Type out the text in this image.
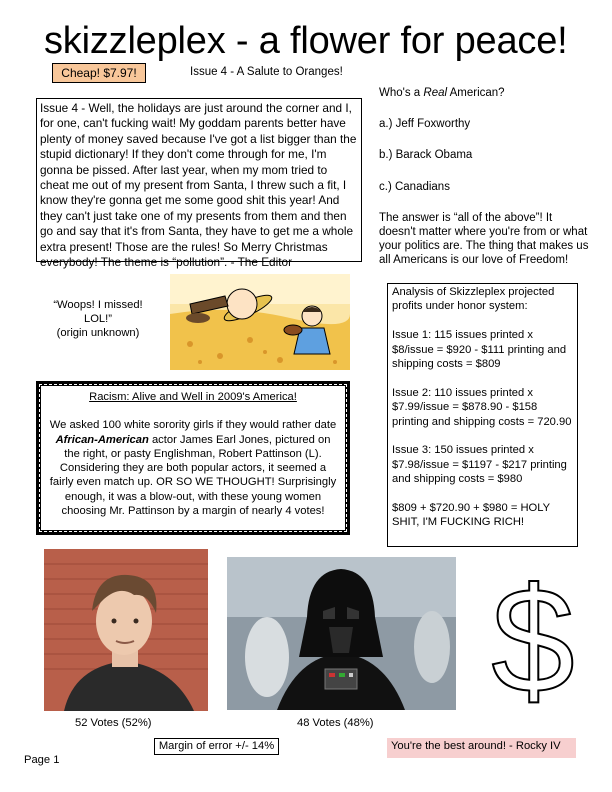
skizzleplex - a flower for peace!
Cheap! $7.97!	Issue 4 - A Salute to Oranges!
Issue 4 - Well, the holidays are just around the corner and I, for one, can't fucking wait! My goddam parents better have plenty of money saved because I've got a list bigger than the stupid dictionary! If they don't come through for me, I'm gonna be pissed. After last year, when my mom tried to cheat me out of my present from Santa, I threw such a fit, I know they're gonna get me some good shit this year! And they can't just take one of my presents from them and then go and say that it's from Santa, they have to get me a whole extra present! Those are the rules! So Merry Christmas everybody! The theme is “pollution”. - The Editor

Who's a Real American?

a.) Jeff Foxworthy

b.) Barack Obama

c.) Canadians

The answer is “all of the above”! It doesn't matter where you're from or what your politics are. The thing that makes us all Americans is our love of Freedom!

“Woops! I missed!
LOL!”
(origin unknown)

Analysis of Skizzleplex projected profits under honor system:

Issue 1: 115 issues printed x $8/issue = $920 - $111 printing and shipping costs = $809

Issue 2: 110 issues printed x $7.99/issue = $878.90 - $158 printing and shipping costs = 720.90

Issue 3: 150 issues printed x $7.98/issue = $1197 - $217 printing and shipping costs = $980

$809 + $720.90 + $980 = HOLY SHIT, I'M FUCKING RICH!

Racism: Alive and Well in 2009's America!
We asked 100 white sorority girls if they would rather date African-American actor James Earl Jones, pictured on the right, or pasty Englishman, Robert Pattinson (L). Considering they are both popular actors, it seemed a fairly even match up. OR SO WE THOUGHT! Surprisingly enough, it was a blow-out, with these young women choosing Mr. Pattinson by a margin of nearly 4 votes!
$
52 Votes (52%)	48 Votes (48%)
Margin of error +/- 14%	You're the best around! - Rocky IV
Page 1
